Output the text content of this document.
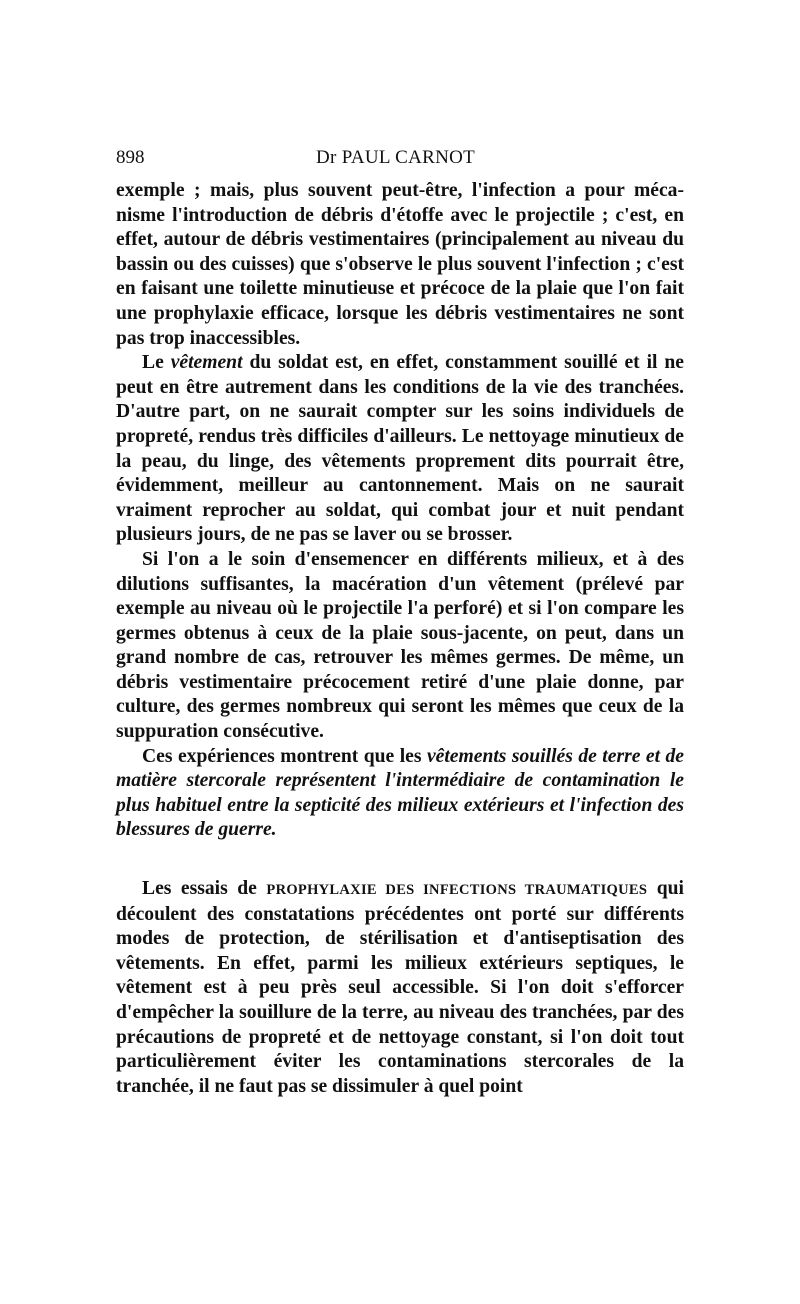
898	Dr PAUL CARNOT

exemple ; mais, plus souvent peut-être, l'infection a pour mécanisme l'introduction de débris d'étoffe avec le projectile ; c'est, en effet, autour de débris vestimentaires (principalement au niveau du bassin ou des cuisses) que s'observe le plus souvent l'infection ; c'est en faisant une toilette minutieuse et précoce de la plaie que l'on fait une prophylaxie efficace, lorsque les débris vestimentaires ne sont pas trop inaccessibles.

Le vêtement du soldat est, en effet, constamment souillé et il ne peut en être autrement dans les conditions de la vie des tranchées. D'autre part, on ne saurait compter sur les soins individuels de propreté, rendus très difficiles d'ailleurs. Le nettoyage minutieux de la peau, du linge, des vêtements proprement dits pourrait être, évidemment, meilleur au cantonnement. Mais on ne saurait vraiment reprocher au soldat, qui combat jour et nuit pendant plusieurs jours, de ne pas se laver ou se brosser.

Si l'on a le soin d'ensemencer en différents milieux, et à des dilutions suffisantes, la macération d'un vêtement (prélevé par exemple au niveau où le projectile l'a perforé) et si l'on compare les germes obtenus à ceux de la plaie sous-jacente, on peut, dans un grand nombre de cas, retrouver les mêmes germes. De même, un débris vestimentaire précocement retiré d'une plaie donne, par culture, des germes nombreux qui seront les mêmes que ceux de la suppuration consécutive.

Ces expériences montrent que les vêtements souillés de terre et de matière stercorale représentent l'intermédiaire de contamination le plus habituel entre la septicité des milieux extérieurs et l'infection des blessures de guerre.

Les essais de PROPHYLAXIE DES INFECTIONS TRAUMATIQUES qui découlent des constatations précédentes ont porté sur différents modes de protection, de stérilisation et d'antiseptisation des vêtements. En effet, parmi les milieux extérieurs septiques, le vêtement est à peu près seul accessible. Si l'on doit s'efforcer d'empêcher la souillure de la terre, au niveau des tranchées, par des précautions de propreté et de nettoyage constant, si l'on doit tout particulièrement éviter les contaminations stercorales de la tranchée, il ne faut pas se dissimuler à quel point
